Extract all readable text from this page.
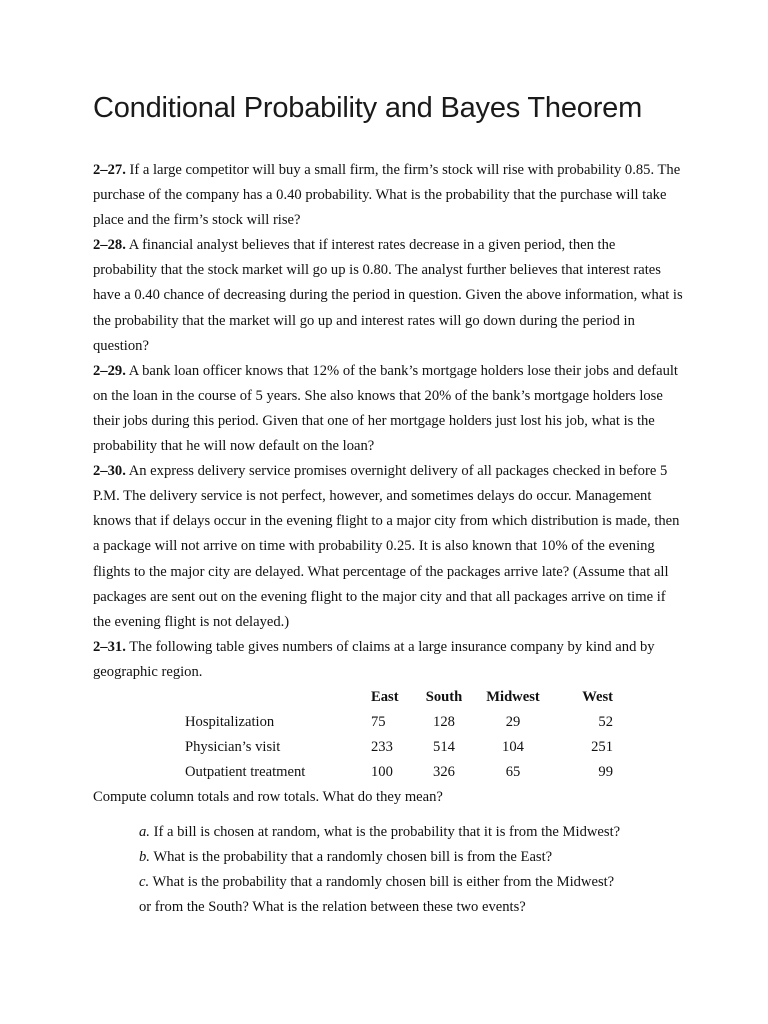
Conditional Probability and Bayes Theorem

2–27. If a large competitor will buy a small firm, the firm’s stock will rise with probability 0.85. The purchase of the company has a 0.40 probability. What is the probability that the purchase will take place and the firm’s stock will rise?

2–28. A financial analyst believes that if interest rates decrease in a given period, then the probability that the stock market will go up is 0.80. The analyst further believes that interest rates have a 0.40 chance of decreasing during the period in question. Given the above information, what is the probability that the market will go up and interest rates will go down during the period in question?

2–29. A bank loan officer knows that 12% of the bank’s mortgage holders lose their jobs and default on the loan in the course of 5 years. She also knows that 20% of the bank’s mortgage holders lose their jobs during this period. Given that one of her mortgage holders just lost his job, what is the probability that he will now default on the loan?

2–30. An express delivery service promises overnight delivery of all packages checked in before 5 P.M. The delivery service is not perfect, however, and sometimes delays do occur. Management knows that if delays occur in the evening flight to a major city from which distribution is made, then a package will not arrive on time with probability 0.25. It is also known that 10% of the evening flights to the major city are delayed. What percentage of the packages arrive late? (Assume that all packages are sent out on the evening flight to the major city and that all packages arrive on time if the evening flight is not delayed.)

2–31. The following table gives numbers of claims at a large insurance company by kind and by geographic region.

	East	South	Midwest	West
Hospitalization	75	128	29	52
Physician’s visit	233	514	104	251
Outpatient treatment	100	326	65	99

Compute column totals and row totals. What do they mean?

a. If a bill is chosen at random, what is the probability that it is from the Midwest?
b. What is the probability that a randomly chosen bill is from the East?
c. What is the probability that a randomly chosen bill is either from the Midwest?
or from the South? What is the relation between these two events?
